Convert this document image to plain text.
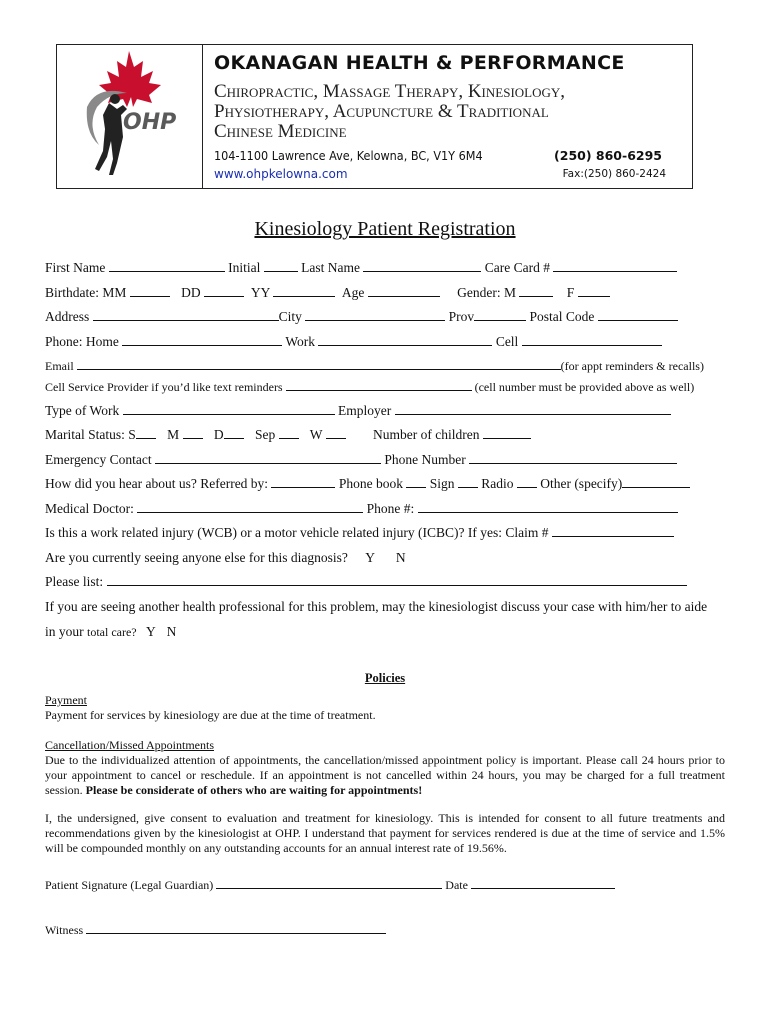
OHP
OKANAGAN HEALTH & PERFORMANCE
Chiropractic, Massage Therapy, Kinesiology,
Physiotherapy, Acupuncture & Traditional
Chinese Medicine
104-1100 Lawrence Ave, Kelowna, BC, V1Y 6M4	(250) 860-6295
www.ohpkelowna.com	Fax:(250) 860-2424
Kinesiology Patient Registration
First Name	Initial	Last Name	Care Card #
Birthdate: MM	DD	YY	Age	Gender: M	F
Address	City	Prov	Postal Code
Phone: Home	Work	Cell
Email	(for appt reminders & recalls)
Cell Service Provider if you’d like text reminders	(cell number must be provided above as well)
Type of Work	Employer
Marital Status: S M	D Sep	W	Number of children
Emergency Contact	Phone Number
How did you hear about us? Referred by:	Phone book Sign Radio Other (specify)
Medical Doctor:	Phone #:
Is this a work related injury (WCB) or a motor vehicle related injury (ICBC)? If yes: Claim #
Are you currently seeing anyone else for this diagnosis? Y N
Please list:
If you are seeing another health professional for this problem, may the kinesiologist discuss your case with him/her to aide
in your total care? Y N
Policies
Payment
Payment for services by kinesiology are due at the time of treatment.
Cancellation/Missed Appointments
Due to the individualized attention of appointments, the cancellation/missed appointment policy is important. Please call 24 hours prior to your appointment to cancel or reschedule. If an appointment is not cancelled within 24 hours, you may be charged for a full treatment session. Please be considerate of others who are waiting for appointments!
I, the undersigned, give consent to evaluation and treatment for kinesiology. This is intended for consent to all future treatments and recommendations given by the kinesiologist at OHP. I understand that payment for services rendered is due at the time of service and 1.5% will be compounded monthly on any outstanding accounts for an annual interest rate of 19.56%.
Patient Signature (Legal Guardian)	Date
Witness
